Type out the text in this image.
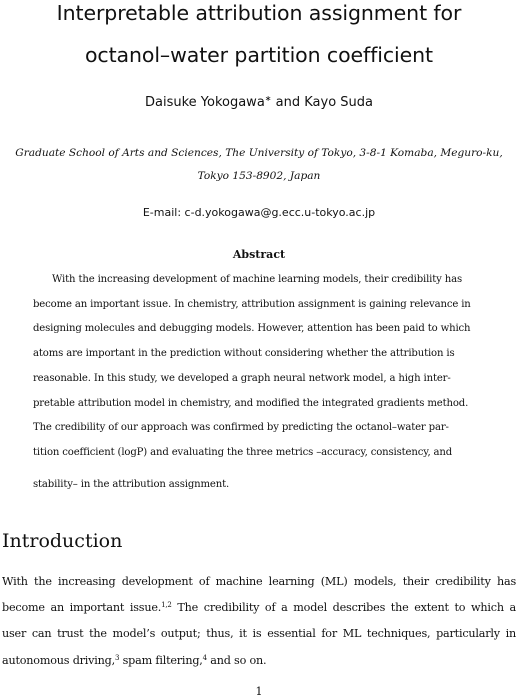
Interpretable attribution assignment for
octanol–water partition coefficient
Daisuke Yokogawa∗ and Kayo Suda
Graduate School of Arts and Sciences, The University of Tokyo, 3-8-1 Komaba, Meguro-ku,
Tokyo 153-8902, Japan
E-mail: c-d.yokogawa@g.ecc.u-tokyo.ac.jp
Abstract
With the increasing development of machine learning models, their credibility has
become an important issue. In chemistry, attribution assignment is gaining relevance in
designing molecules and debugging models. However, attention has been paid to which
atoms are important in the prediction without considering whether the attribution is
reasonable. In this study, we developed a graph neural network model, a high inter-
pretable attribution model in chemistry, and modified the integrated gradients method.
The credibility of our approach was confirmed by predicting the octanol–water par-
tition coefficient (logP) and evaluating the three metrics –accuracy, consistency, and
stability– in the attribution assignment.
Introduction
With the increasing development of machine learning (ML) models, their credibility has
become an important issue.$^{1,2}$ The credibility of a model describes the extent to which a
user can trust the model’s output; thus, it is essential for ML techniques, particularly in
autonomous driving,$^3$ spam filtering,$^4$ and so on.
1
